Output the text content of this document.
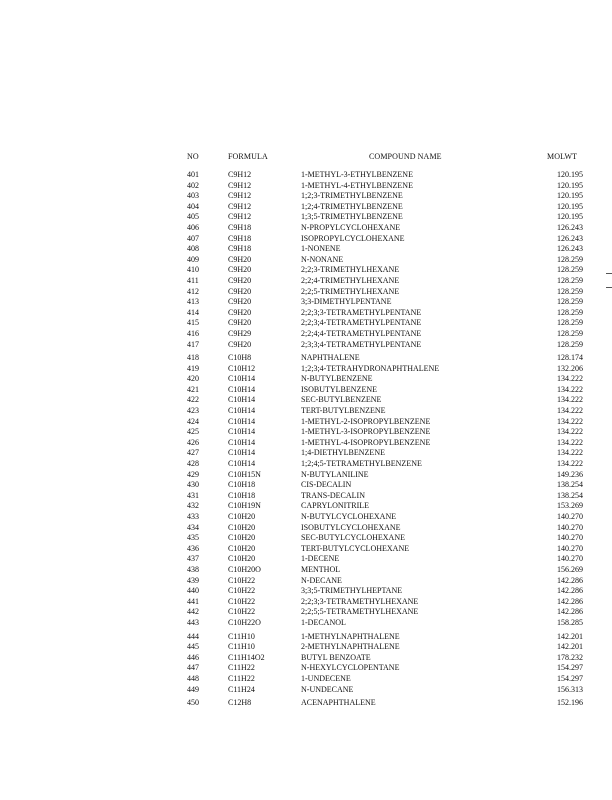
NO	FORMULA	COMPOUND NAME	MOLWT
401	C9H12	1-METHYL-3-ETHYLBENZENE	120.195
402	C9H12	1-METHYL-4-ETHYLBENZENE	120.195
403	C9H12	1;2;3-TRIMETHYLBENZENE	120.195
404	C9H12	1;2;4-TRIMETHYLBENZENE	120.195
405	C9H12	1;3;5-TRIMETHYLBENZENE	120.195
406	C9H18	N-PROPYLCYCLOHEXANE	126.243
407	C9H18	ISOPROPYLCYCLOHEXANE	126.243
408	C9H18	1-NONENE	126.243
409	C9H20	N-NONANE	128.259
410	C9H20	2;2;3-TRIMETHYLHEXANE	128.259
411	C9H20	2;2;4-TRIMETHYLHEXANE	128.259
412	C9H20	2;2;5-TRIMETHYLHEXANE	128.259
413	C9H20	3;3-DIMETHYLPENTANE	128.259
414	C9H20	2;2;3;3-TETRAMETHYLPENTANE	128.259
415	C9H20	2;2;3;4-TETRAMETHYLPENTANE	128.259
416	C9H29	2;2;4;4-TETRAMETHYLPENTANE	128.259
417	C9H20	2;3;3;4-TETRAMETHYLPENTANE	128.259
418	C10H8	NAPHTHALENE	128.174
419	C10H12	1;2;3;4-TETRAHYDRONAPHTHALENE	132.206
420	C10H14	N-BUTYLBENZENE	134.222
421	C10H14	ISOBUTYLBENZENE	134.222
422	C10H14	SEC-BUTYLBENZENE	134.222
423	C10H14	TERT-BUTYLBENZENE	134.222
424	C10H14	1-METHYL-2-ISOPROPYLBENZENE	134.222
425	C10H14	1-METHYL-3-ISOPROPYLBENZENE	134.222
426	C10H14	1-METHYL-4-ISOPROPYLBENZENE	134.222
427	C10H14	1;4-DIETHYLBENZENE	134.222
428	C10H14	1;2;4;5-TETRAMETHYLBENZENE	134.222
429	C10H15N	N-BUTYLANILINE	149.236
430	C10H18	CIS-DECALIN	138.254
431	C10H18	TRANS-DECALIN	138.254
432	C10H19N	CAPRYLONITRILE	153.269
433	C10H20	N-BUTYLCYCLOHEXANE	140.270
434	C10H20	ISOBUTYLCYCLOHEXANE	140.270
435	C10H20	SEC-BUTYLCYCLOHEXANE	140.270
436	C10H20	TERT-BUTYLCYCLOHEXANE	140.270
437	C10H20	1-DECENE	140.270
438	C10H20O	MENTHOL	156.269
439	C10H22	N-DECANE	142.286
440	C10H22	3;3;5-TRIMETHYLHEPTANE	142.286
441	C10H22	2;2;3;3-TETRAMETHYLHEXANE	142.286
442	C10H22	2;2;5;5-TETRAMETHYLHEXANE	142.286
443	C10H22O	1-DECANOL	158.285
444	C11H10	1-METHYLNAPHTHALENE	142.201
445	C11H10	2-METHYLNAPHTHALENE	142.201
446	C11H14O2	BUTYL BENZOATE	178.232
447	C11H22	N-HEXYLCYCLOPENTANE	154.297
448	C11H22	1-UNDECENE	154.297
449	C11H24	N-UNDECANE	156.313
450	C12H8	ACENAPHTHALENE	152.196
